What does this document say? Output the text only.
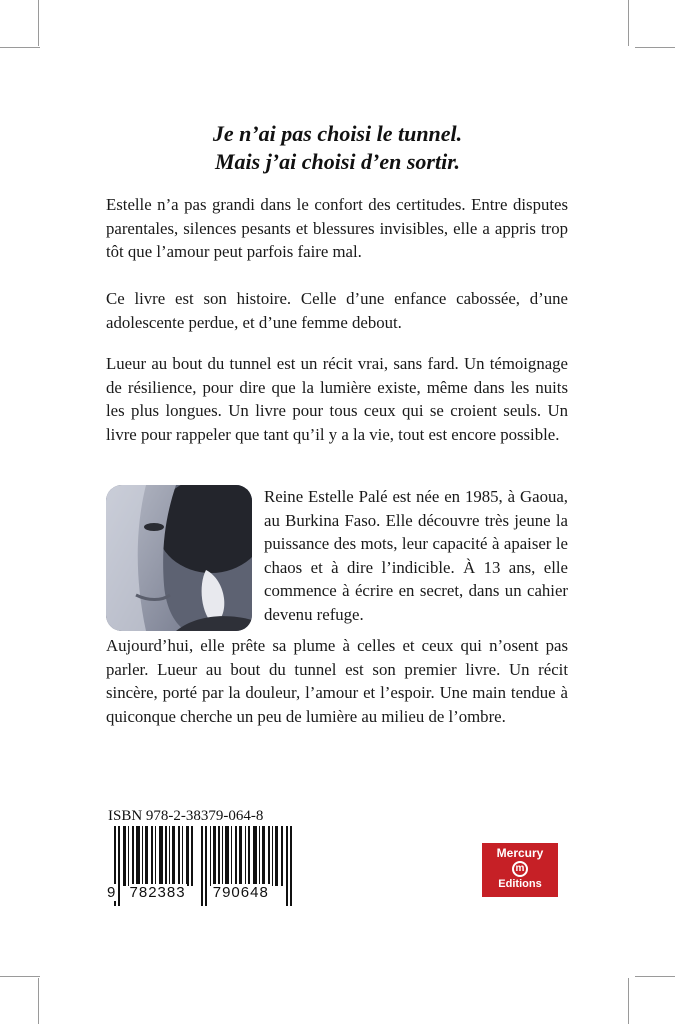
Je n’ai pas choisi le tunnel.
Mais j’ai choisi d’en sortir.

Estelle n’a pas grandi dans le confort des certitudes. Entre disputes parentales, silences pesants et blessures invisibles, elle a appris trop tôt que l’amour peut parfois faire mal.

Ce livre est son histoire. Celle d’une enfance cabossée, d’une adolescente perdue, et d’une femme debout.

Lueur au bout du tunnel est un récit vrai, sans fard. Un témoignage de résilience, pour dire que la lumière existe, même dans les nuits les plus longues. Un livre pour tous ceux qui se croient seuls. Un livre pour rappeler que tant qu’il y a la vie, tout est encore possible.

Reine Estelle Palé est née en 1985, à Gaoua, au Burkina Faso. Elle découvre très jeune la puissance des mots, leur capacité à apaiser le chaos et à dire l’indicible. À 13 ans, elle commence à écrire en secret, dans un cahier devenu refuge.

Aujourd’hui, elle prête sa plume à celles et ceux qui n’osent pas parler. Lueur au bout du tunnel est son premier livre. Un récit sincère, porté par la douleur, l’amour et l’espoir. Une main tendue à quiconque cherche un peu de lumière au milieu de l’ombre.

ISBN 978-2-38379-064-8
9 782383 790648
Mercury
m
Editions
